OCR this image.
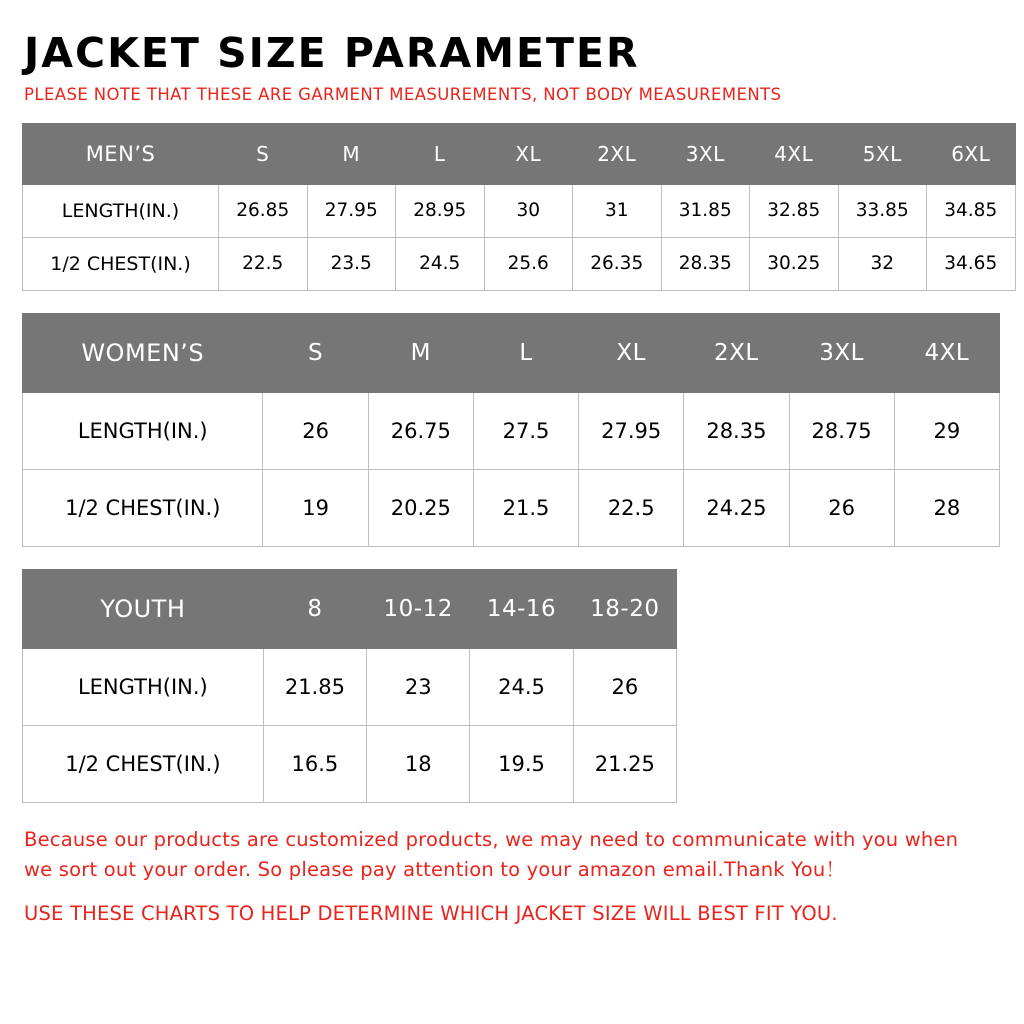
JACKET SIZE PARAMETER

PLEASE NOTE THAT THESE ARE GARMENT MEASUREMENTS, NOT BODY MEASUREMENTS

MEN’S	S	M	L	XL	2XL	3XL	4XL	5XL	6XL
LENGTH(IN.)	26.85	27.95	28.95	30	31	31.85	32.85	33.85	34.85
1/2 CHEST(IN.)	22.5	23.5	24.5	25.6	26.35	28.35	30.25	32	34.65
WOMEN’S	S	M	L	XL	2XL	3XL	4XL
LENGTH(IN.)	26	26.75	27.5	27.95	28.35	28.75	29
1/2 CHEST(IN.)	19	20.25	21.5	22.5	24.25	26	28
YOUTH	8	10-12	14-16	18-20
LENGTH(IN.)	21.85	23	24.5	26
1/2 CHEST(IN.)	16.5	18	19.5	21.25

Because our products are customized products, we may need to communicate with you when we sort out your order. So please pay attention to your amazon email.Thank You！

USE THESE CHARTS TO HELP DETERMINE WHICH JACKET SIZE WILL BEST FIT YOU.
